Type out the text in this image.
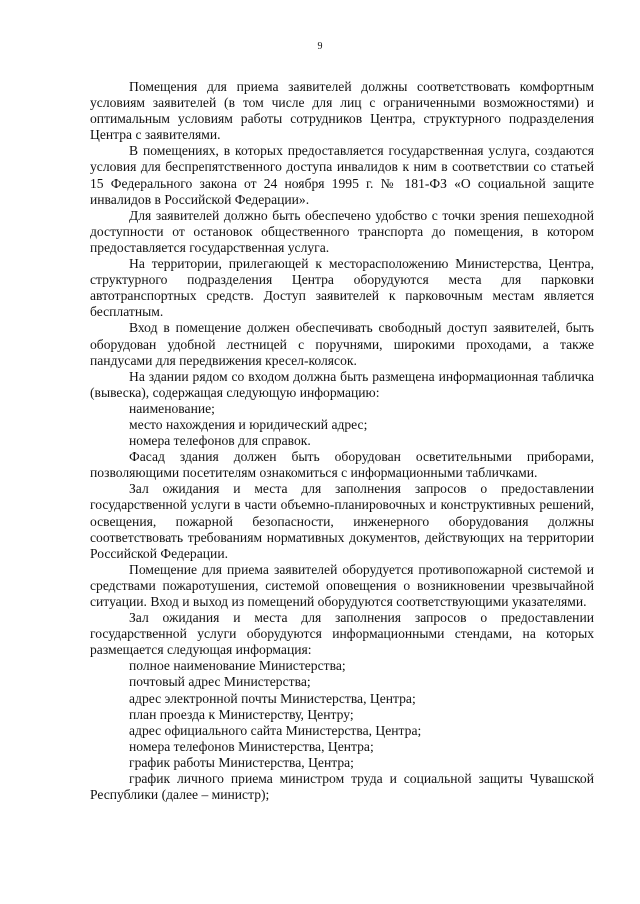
9

Помещения для приема заявителей должны соответствовать комфортным условиям заявителей (в том числе для лиц с ограниченными возможностями) и оптимальным условиям работы сотрудников Центра, структурного подразделения Центра с заявителями.

В помещениях, в которых предоставляется государственная услуга, создаются условия для беспрепятственного доступа инвалидов к ним в соответствии со статьей 15 Федерального закона от 24 ноября 1995 г. № 181-ФЗ «О социальной защите инвалидов в Российской Федерации».

Для заявителей должно быть обеспечено удобство с точки зрения пешеходной доступности от остановок общественного транспорта до помещения, в котором предоставляется государственная услуга.

На территории, прилегающей к месторасположению Министерства, Центра, структурного подразделения Центра оборудуются места для парковки автотранспортных средств. Доступ заявителей к парковочным местам является бесплатным.

Вход в помещение должен обеспечивать свободный доступ заявителей, быть оборудован удобной лестницей с поручнями, широкими проходами, а также пандусами для передвижения кресел-колясок.

На здании рядом со входом должна быть размещена информационная табличка (вывеска), содержащая следующую информацию:

наименование;

место нахождения и юридический адрес;

номера телефонов для справок.

Фасад здания должен быть оборудован осветительными приборами, позволяющими посетителям ознакомиться с информационными табличками.

Зал ожидания и места для заполнения запросов о предоставлении государственной услуги в части объемно-планировочных и конструктивных решений, освещения, пожарной безопасности, инженерного оборудования должны соответствовать требованиям нормативных документов, действующих на территории Российской Федерации.

Помещение для приема заявителей оборудуется противопожарной системой и средствами пожаротушения, системой оповещения о возникновении чрезвычайной ситуации. Вход и выход из помещений оборудуются соответствующими указателями.

Зал ожидания и места для заполнения запросов о предоставлении государственной услуги оборудуются информационными стендами, на которых размещается следующая информация:

полное наименование Министерства;

почтовый адрес Министерства;

адрес электронной почты Министерства, Центра;

план проезда к Министерству, Центру;

адрес официального сайта Министерства, Центра;

номера телефонов Министерства, Центра;

график работы Министерства, Центра;

график личного приема министром труда и социальной защиты Чувашской Республики (далее – министр);
